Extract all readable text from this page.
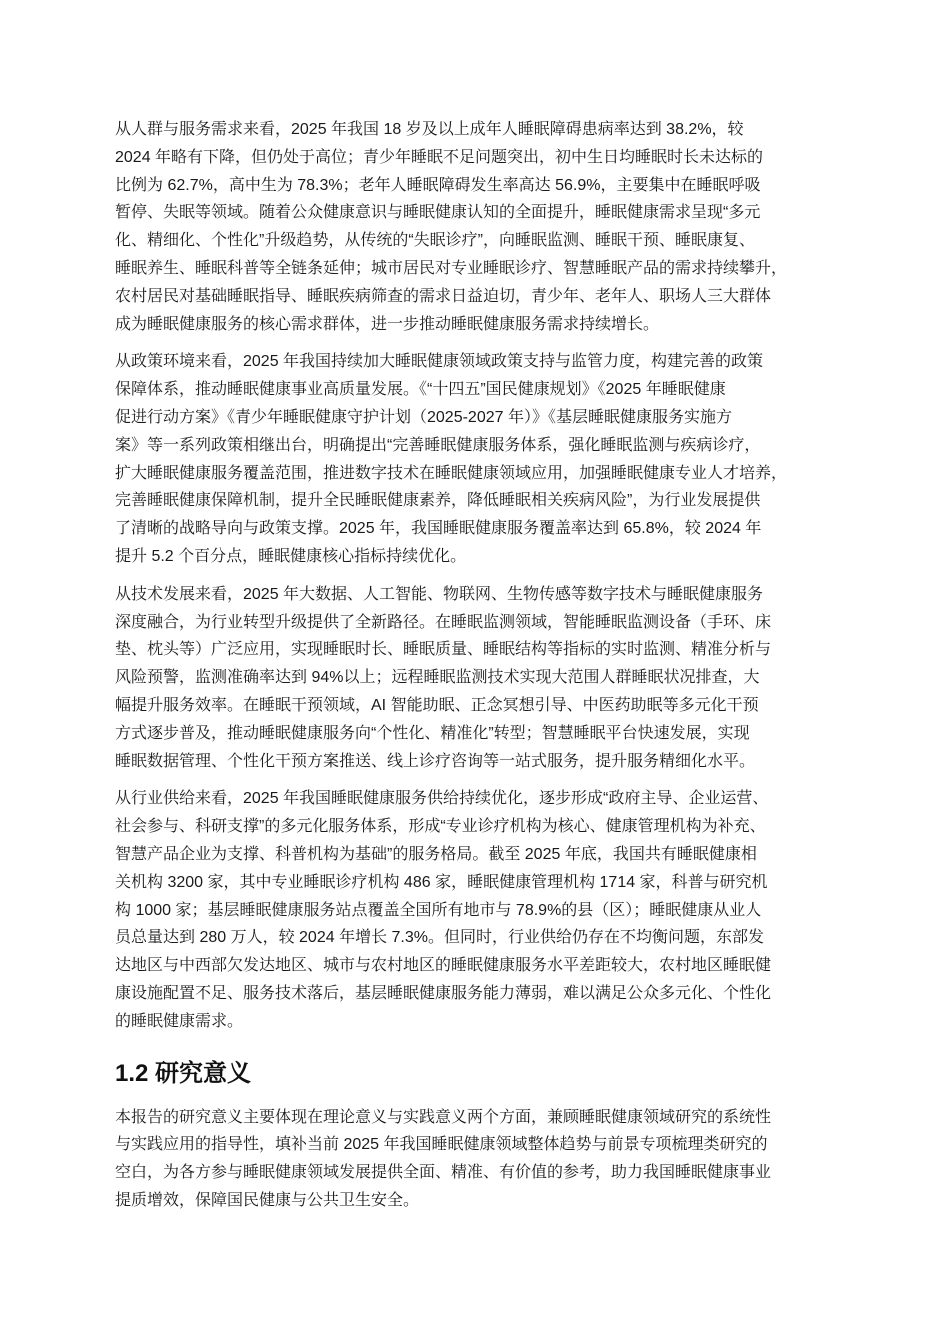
从人群与服务需求来看，2025 年我国 18 岁及以上成年人睡眠障碍患病率达到 38.2%，较
2024 年略有下降，但仍处于高位；青少年睡眠不足问题突出，初中生日均睡眠时长未达标的
比例为 62.7%，高中生为 78.3%；老年人睡眠障碍发生率高达 56.9%，主要集中在睡眠呼吸
暂停、失眠等领域。随着公众健康意识与睡眠健康认知的全面提升，睡眠健康需求呈现“多元
化、精细化、个性化”升级趋势，从传统的“失眠诊疗”，向睡眠监测、睡眠干预、睡眠康复、
睡眠养生、睡眠科普等全链条延伸；城市居民对专业睡眠诊疗、智慧睡眠产品的需求持续攀升，
农村居民对基础睡眠指导、睡眠疾病筛查的需求日益迫切，青少年、老年人、职场人三大群体
成为睡眠健康服务的核心需求群体，进一步推动睡眠健康服务需求持续增长。

从政策环境来看，2025 年我国持续加大睡眠健康领域政策支持与监管力度，构建完善的政策
保障体系，推动睡眠健康事业高质量发展。《“十四五”国民健康规划》《2025 年睡眠健康
促进行动方案》《青少年睡眠健康守护计划（2025-2027 年）》《基层睡眠健康服务实施方
案》等一系列政策相继出台，明确提出“完善睡眠健康服务体系，强化睡眠监测与疾病诊疗，
扩大睡眠健康服务覆盖范围，推进数字技术在睡眠健康领域应用，加强睡眠健康专业人才培养，
完善睡眠健康保障机制，提升全民睡眠健康素养，降低睡眠相关疾病风险”，为行业发展提供
了清晰的战略导向与政策支撑。2025 年，我国睡眠健康服务覆盖率达到 65.8%，较 2024 年
提升 5.2 个百分点，睡眠健康核心指标持续优化。

从技术发展来看，2025 年大数据、人工智能、物联网、生物传感等数字技术与睡眠健康服务
深度融合，为行业转型升级提供了全新路径。在睡眠监测领域，智能睡眠监测设备（手环、床
垫、枕头等）广泛应用，实现睡眠时长、睡眠质量、睡眠结构等指标的实时监测、精准分析与
风险预警，监测准确率达到 94%以上；远程睡眠监测技术实现大范围人群睡眠状况排查，大
幅提升服务效率。在睡眠干预领域，AI 智能助眠、正念冥想引导、中医药助眠等多元化干预
方式逐步普及，推动睡眠健康服务向“个性化、精准化”转型；智慧睡眠平台快速发展，实现
睡眠数据管理、个性化干预方案推送、线上诊疗咨询等一站式服务，提升服务精细化水平。

从行业供给来看，2025 年我国睡眠健康服务供给持续优化，逐步形成“政府主导、企业运营、
社会参与、科研支撑”的多元化服务体系，形成“专业诊疗机构为核心、健康管理机构为补充、
智慧产品企业为支撑、科普机构为基础”的服务格局。截至 2025 年底，我国共有睡眠健康相
关机构 3200 家，其中专业睡眠诊疗机构 486 家，睡眠健康管理机构 1714 家，科普与研究机
构 1000 家；基层睡眠健康服务站点覆盖全国所有地市与 78.9%的县（区）；睡眠健康从业人
员总量达到 280 万人，较 2024 年增长 7.3%。但同时，行业供给仍存在不均衡问题，东部发
达地区与中西部欠发达地区、城市与农村地区的睡眠健康服务水平差距较大，农村地区睡眠健
康设施配置不足、服务技术落后，基层睡眠健康服务能力薄弱，难以满足公众多元化、个性化
的睡眠健康需求。

1.2 研究意义

本报告的研究意义主要体现在理论意义与实践意义两个方面，兼顾睡眠健康领域研究的系统性
与实践应用的指导性，填补当前 2025 年我国睡眠健康领域整体趋势与前景专项梳理类研究的
空白，为各方参与睡眠健康领域发展提供全面、精准、有价值的参考，助力我国睡眠健康事业
提质增效，保障国民健康与公共卫生安全。
